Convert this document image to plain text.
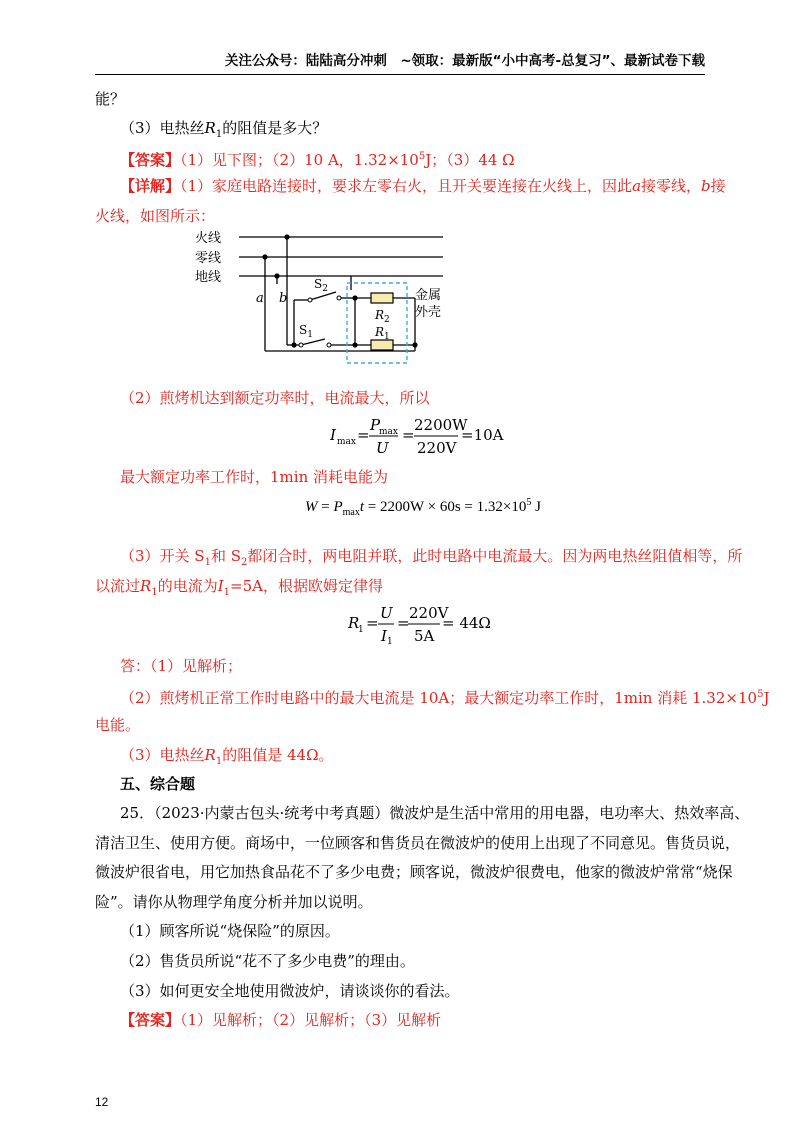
关注公众号：陆陆高分冲刺　~领取：最新版“小中高考-总复习”、最新试卷下载
能？
（3）电热丝$R_1$的阻值是多大？
【答案】（1）见下图；（2）10 A，$1.32\times 10^5J$；（3）44 Ω
【详解】（1）家庭电路连接时，要求左零右火，且开关要连接在火线上，因此a接零线，b接
火线，如图所示：
火线
零线
地线
a b
$S_2$
$S_1$
$R_2$
$R_1$
金属
外壳
（2）煎烤机达到额定功率时，电流最大，所以
I max =
P
max
U
=
2200W
220V
=10A
最大额定功率工作时，1min 消耗电能为
$W = P_{max}t = 2200W \times 60s = 1.32\times 10^5$ J
（3）开关 $S_1$和 $S_2$都闭合时，两电阻并联，此时电路中电流最大。因为两电热丝阻值相等，所
以流过$R_1$的电流为$I_1=5A$，根据欧姆定律得
R
1 =
U
I 1
=
220V
5A
= 44Ω
答：（1）见解析；
（2）煎烤机正常工作时电路中的最大电流是 10A；最大额定功率工作时，1min 消耗 $1.32\times 10^5J$
电能。
（3）电热丝$R_1$的阻值是 44Ω。
五、综合题
25．（2023·内蒙古包头·统考中考真题）微波炉是生活中常用的用电器，电功率大、热效率高、
清洁卫生、使用方便。商场中，一位顾客和售货员在微波炉的使用上出现了不同意见。售货员说，
微波炉很省电，用它加热食品花不了多少电费；顾客说，微波炉很费电，他家的微波炉常常“烧保
险”。请你从物理学角度分析并加以说明。
（1）顾客所说“烧保险”的原因。
（2）售货员所说“花不了多少电费”的理由。
（3）如何更安全地使用微波炉，请谈谈你的看法。
【答案】（1）见解析；（2）见解析；（3）见解析
12
